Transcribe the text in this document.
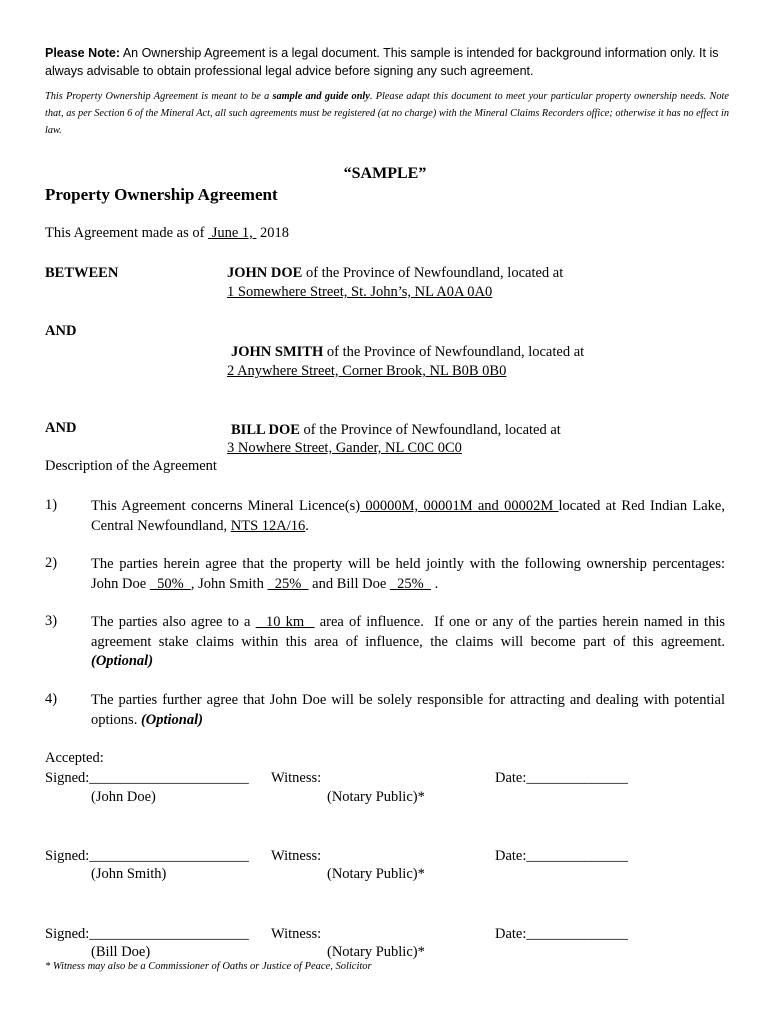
Please Note: An Ownership Agreement is a legal document. This sample is intended for background information only. It is always advisable to obtain professional legal advice before signing any such agreement.
This Property Ownership Agreement is meant to be a sample and guide only. Please adapt this document to meet your particular property ownership needs. Note that, as per Section 6 of the Mineral Act, all such agreements must be registered (at no charge) with the Mineral Claims Recorders office; otherwise it has no effect in law.
“SAMPLE”
Property Ownership Agreement
This Agreement made as of  June 1, 2018
BETWEEN	JOHN DOE of the Province of Newfoundland, located at
1 Somewhere Street, St. John’s, NL A0A 0A0
AND
JOHN SMITH of the Province of Newfoundland, located at
2 Anywhere Street, Corner Brook, NL B0B 0B0
AND	BILL DOE of the Province of Newfoundland, located at
3 Nowhere Street, Gander, NL C0C 0C0
Description of the Agreement
1) This Agreement concerns Mineral Licence(s) 00000M, 00001M and 00002M located at Red Indian Lake, Central Newfoundland, NTS 12A/16.
2) The parties herein agree that the property will be held jointly with the following ownership percentages: John Doe   50%  , John Smith   25%   and Bill Doe   25%   .
3) The parties also agree to a   10 km   area of influence.  If one or any of the parties herein named in this agreement stake claims within this area of influence, the claims will become part of this agreement. (Optional)
4) The parties further agree that John Doe will be solely responsible for attracting and dealing with potential options. (Optional)
Accepted:
Signed:______________________ Witness:	Date:______________
(John Doe)	(Notary Public)*
Signed:______________________ Witness:	Date:______________
(John Smith)	(Notary Public)*
Signed:______________________ Witness:	Date:______________
(Bill Doe)	(Notary Public)*
* Witness may also be a Commissioner of Oaths or Justice of Peace, Solicitor
